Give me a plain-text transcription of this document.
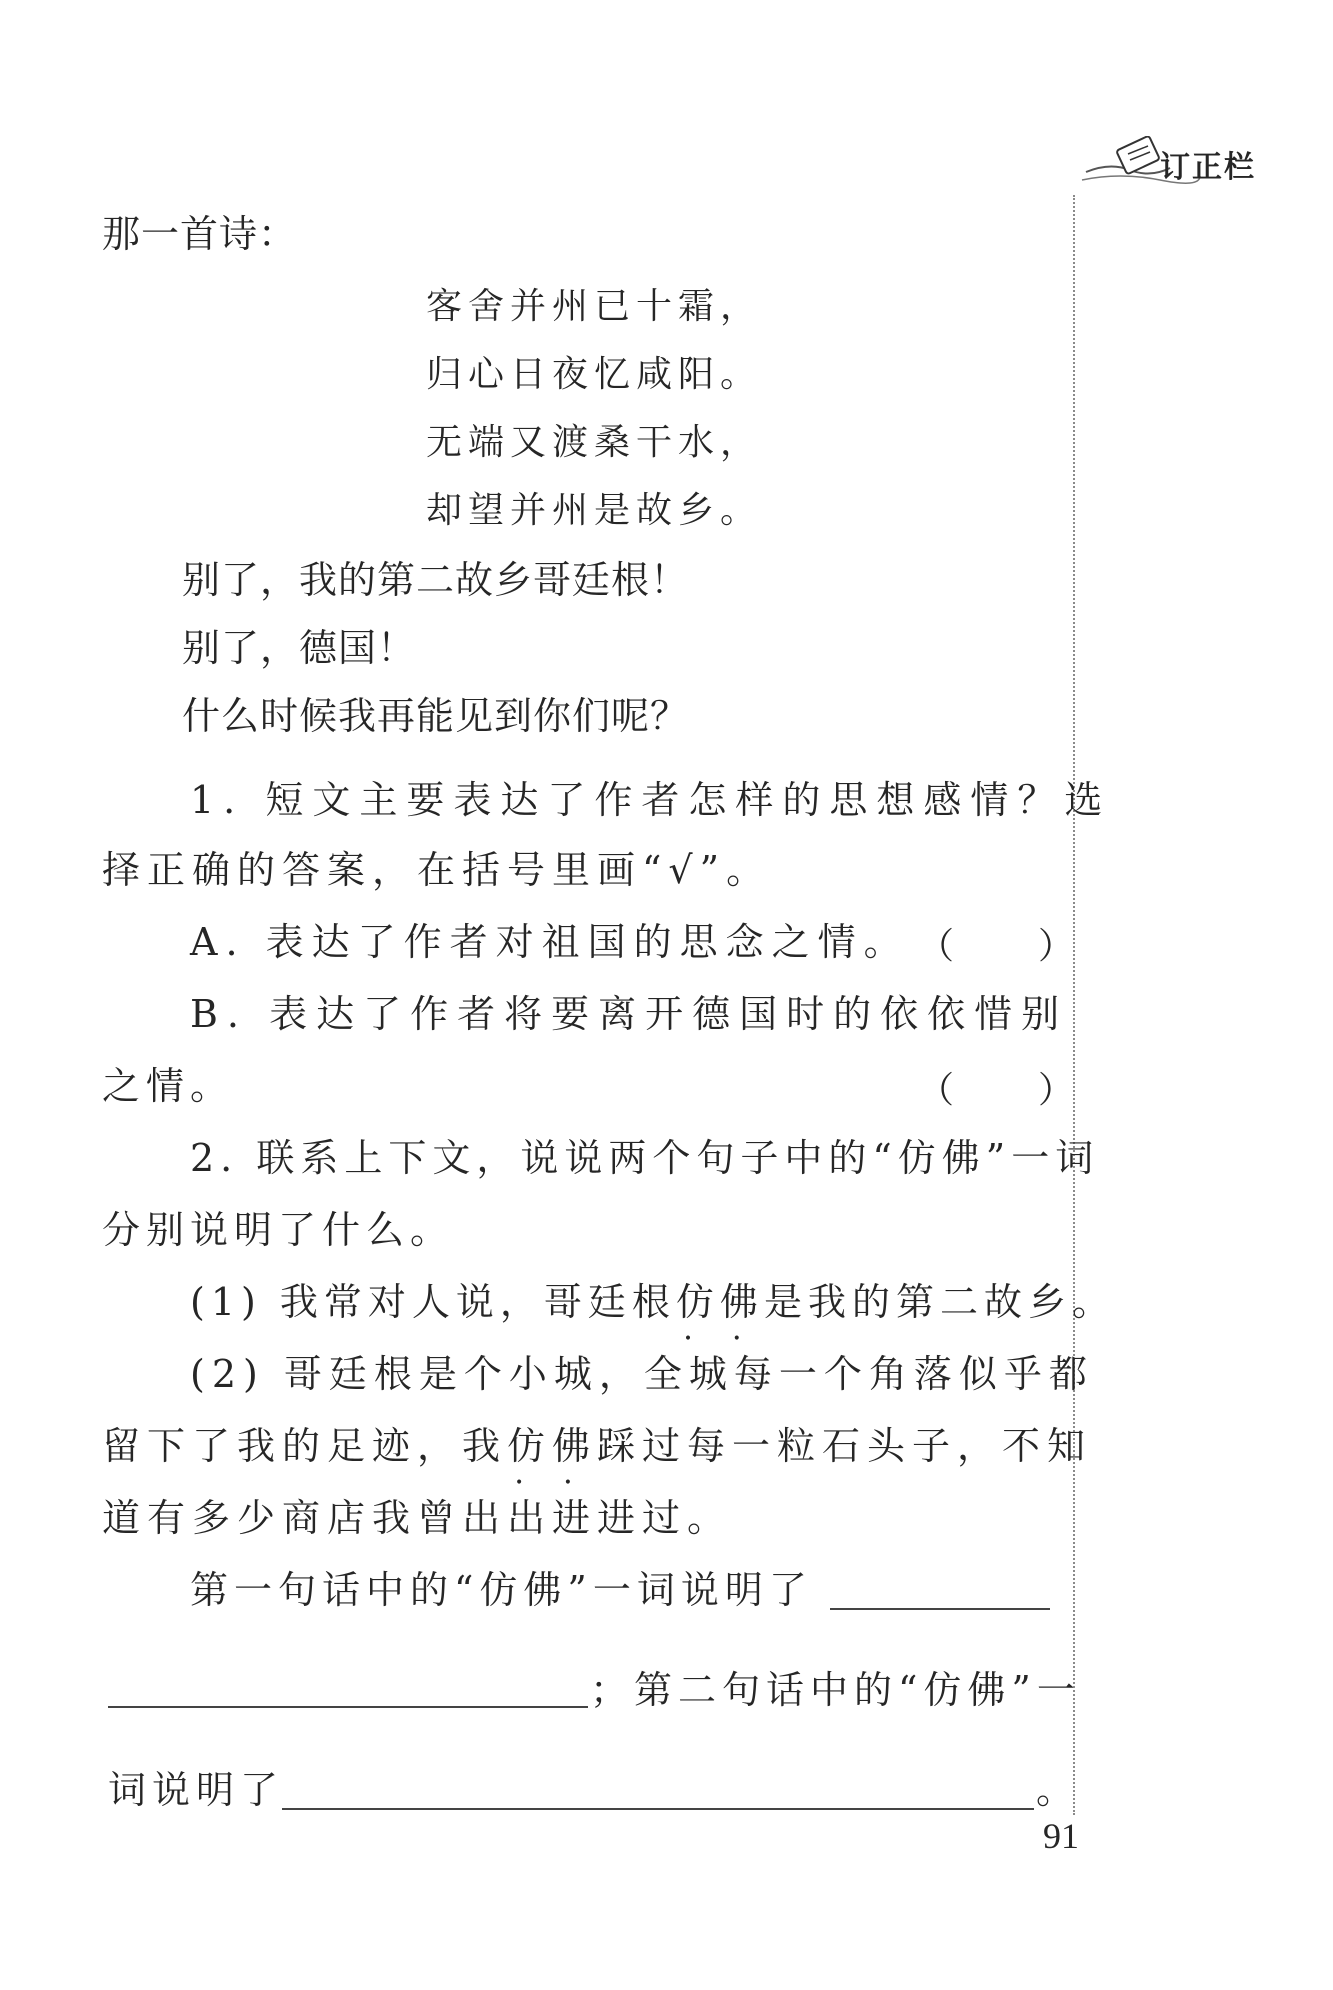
订正栏
那一首诗：
客舍并州已十霜，
归心日夜忆咸阳。
无端又渡桑干水，
却望并州是故乡。
别了，我的第二故乡哥廷根！
别了，德国！
什么时候我再能见到你们呢？
1. 短文主要表达了作者怎样的思想感情？选
择正确的答案，在括号里画“√”。
A. 表达了作者对祖国的思念之情。 （　　）
B. 表达了作者将要离开德国时的依依惜别
之情。	（　　）
2. 联系上下文，说说两个句子中的“仿佛”一词
分别说明了什么。
(1) 我常对人说，哥廷根仿佛 • •是我的第二故乡。
(2) 哥廷根是个小城，全城每一个角落似乎都
留下了我的足迹，我仿佛 • •踩过每一粒石头子，不知
道有多少商店我曾出出进进过。
第一句话中的“仿佛”一词说明了
；第二句话中的“仿佛”一
词说明了	。
91
